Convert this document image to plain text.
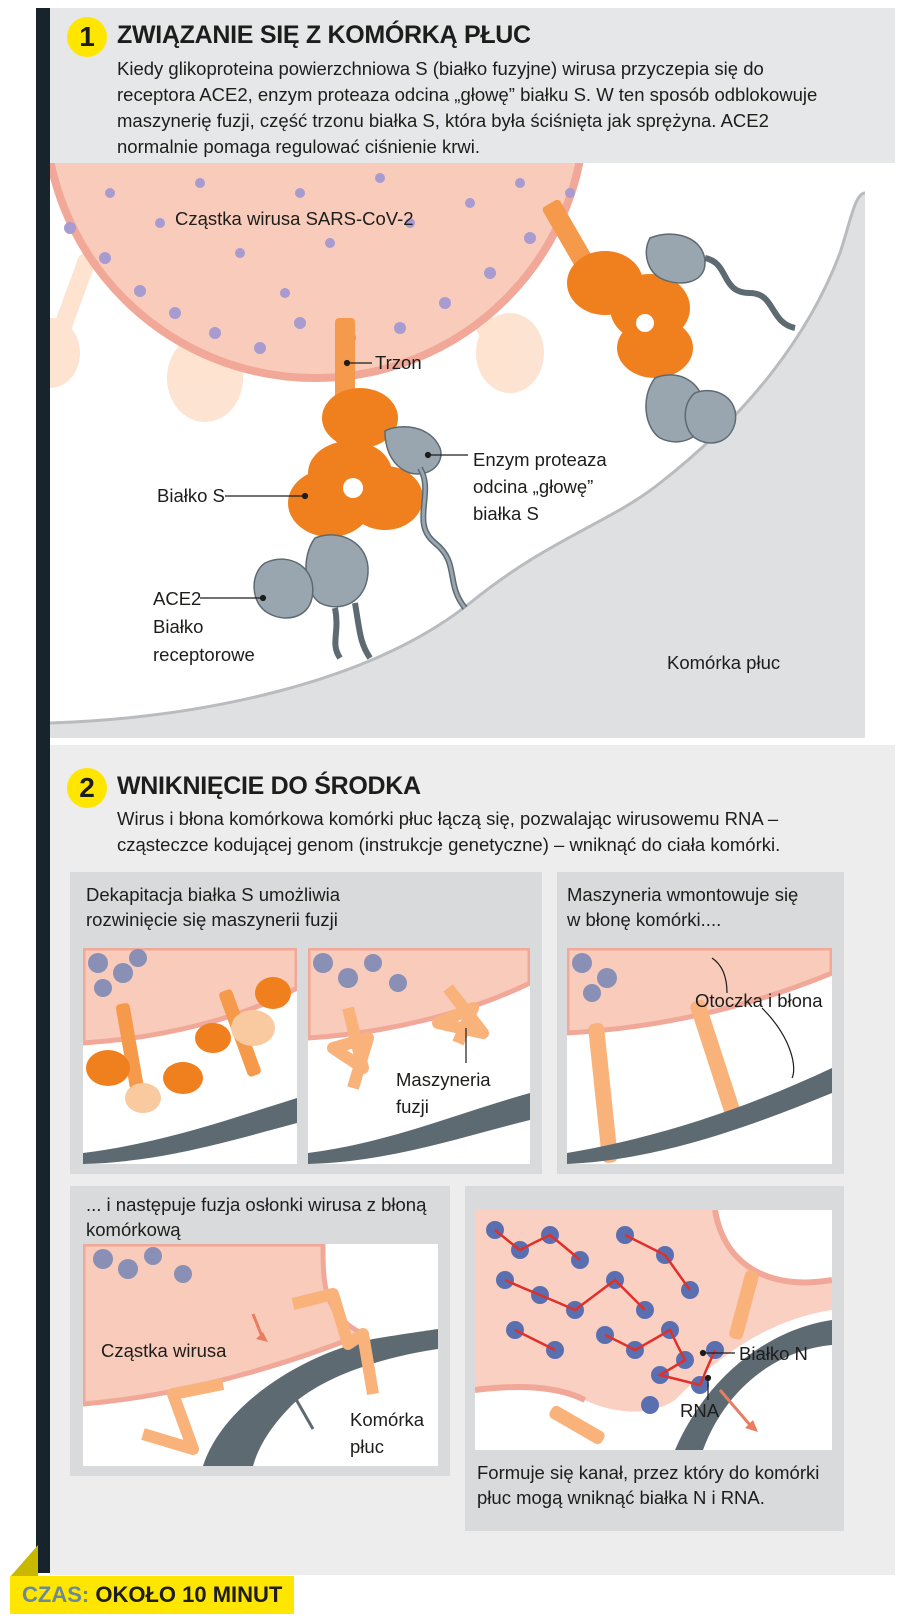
1 ZWIĄZANIE SIĘ Z KOMÓRKĄ PŁUC
Kiedy glikoproteina powierzchniowa S (białko fuzyjne) wirusa przyczepia się do
receptora ACE2, enzym proteaza odcina „głowę” białku S. W ten sposób odblokowuje
maszynerię fuzji, część trzonu białka S, która była ściśnięta jak sprężyna. ACE2
normalnie pomaga regulować ciśnienie krwi.
Cząstka wirusa SARS-CoV-2
Trzon
Białko S
Enzym proteaza
odcina „głowę”
białka S
ACE2
Białko
receptorowe	Komórka płuc
2 WNIKNIĘCIE DO ŚRODKA
Wirus i błona komórkowa komórki płuc łączą się, pozwalając wirusowemu RNA –
cząsteczce kodującej genom (instrukcje genetyczne) – wniknąć do ciała komórki.
Dekapitacja białka S umożliwia
rozwinięcie się maszynerii fuzji
Maszyneria
fuzji
Maszyneria wmontowuje się
w błonę komórki....
Otoczka i błona
... i następuje fuzja osłonki wirusa z błoną
komórkową
Cząstka wirusa
Komórka
płuc
Białko N
RNA
Formuje się kanał, przez który do komórki
płuc mogą wniknąć białka N i RNA.
CZAS: OKOŁO 10 MINUT
